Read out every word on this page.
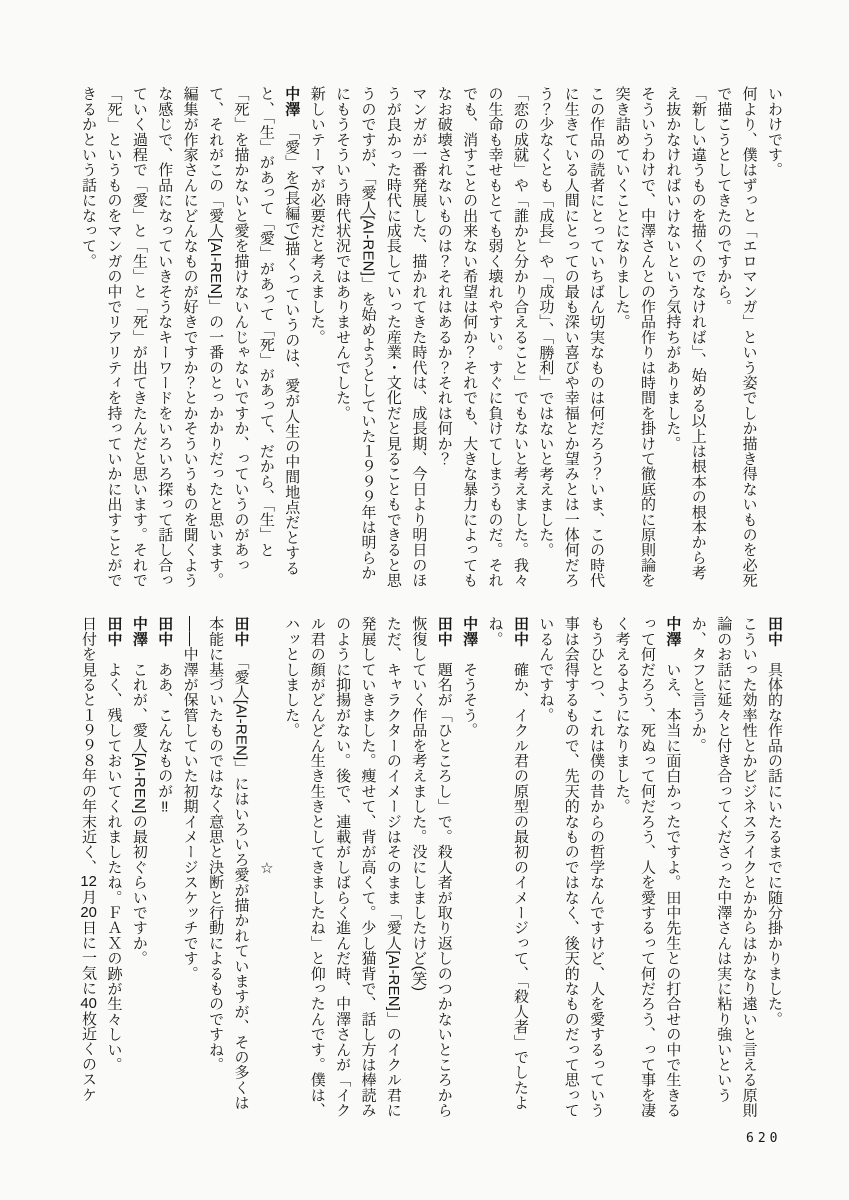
いわけです。

何より、僕はずっと「エロマンガ」という姿でしか描き得ないものを必死で描こうとしてきたのですから。

「新しい違うものを描くのでなければ」、始める以上は根本の根本から考え抜かなければいけないという気持ちがありました。

そういうわけで、中澤さんとの作品作りは時間を掛けて徹底的に原則論を突き詰めていくことになりました。

この作品の読者にとっていちばん切実なものは何だろう？いま、この時代に生きている人間にとっての最も深い喜びや幸福とか望みとは一体何だろう？少なくとも「成長」や「成功」、「勝利」ではないと考えました。

「恋の成就」や「誰かと分かり合えること」でもないと考えました。我々の生命も幸せもとても弱く壊れやすい。すぐに負けてしまうものだ。それでも、消すことの出来ない希望は何か？それでも、大きな暴力によってもなお破壊されないものは？それはあるか？それは何か？

マンガが一番発展した、描かれてきた時代は、成長期、今日より明日のほうが良かった時代に成長していった産業・文化だと見ることもできると思うのですが、「愛人[AI-REN]」を始めようとしていた１９９９年は明らかにもうそういう時代状況ではありませんでした。

新しいテーマが必要だと考えました。

中澤　「愛」を(長編で)描くっていうのは、愛が人生の中間地点だとすると、「生」があって「愛」があって「死」があって、だから、「生」と「死」を描かないと愛を描けないんじゃないですか、っていうのがあって、それがこの「愛人[AI-REN]」の一番のとっかかりだったと思います。

編集が作家さんにどんなものが好きですか？とかそういうものを聞くような感じで、作品になっていきそうなキーワードをいろいろ探って話し合っていく過程で「愛」と「生」と「死」が出てきたんだと思います。それで「死」というものをマンガの中でリアリティを持っていかに出すことができるかという話になって。

田中　具体的な作品の話にいたるまでに随分掛かりました。

こういった効率性とかビジネスライクとかからはかなり遠いと言える原則論のお話に延々と付き合ってくださった中澤さんは実に粘り強いというか、タフと言うか。

中澤　いえ、本当に面白かったですよ。田中先生との打合せの中で生きるって何だろう、死ぬって何だろう、人を愛するって何だろう、って事を凄く考えるようになりました。

もうひとつ、これは僕の昔からの哲学なんですけど、人を愛するっていう事は会得するもので、先天的なものではなく、後天的なものだって思っているんですね。

田中　確か、イクル君の原型の最初のイメージって、「殺人者」でしたよね。

中澤　そうそう。

田中　題名が「ひところし」で。殺人者が取り返しのつかないところから恢復していく作品を考えました。没にしましたけど(笑)

ただ、キャラクターのイメージはそのまま「愛人[AI-REN]」のイクル君に発展していきました。痩せて、背が高くて。少し猫背で、話し方は棒読みのように抑揚がない。後で、連載がしばらく進んだ時、中澤さんが「イクル君の顔がどんどん生き生きとしてきましたね」と仰ったんです。僕は、ハッとしました。

☆

田中　「愛人[AI-REN]」にはいろいろ愛が描かれていますが、その多くは本能に基づいたものではなく意思と決断と行動によるものですね。

――中澤が保管していた初期イメージスケッチです。

田中　ああ、こんなものが‼

中澤　これが、愛人[AI-REN]の最初ぐらいですか。

田中　よく、残しておいてくれましたね。ＦＡＸの跡が生々しい。

日付を見ると１９９８年の年末近く、12月20日に一気に40枚近くのスケ

620
